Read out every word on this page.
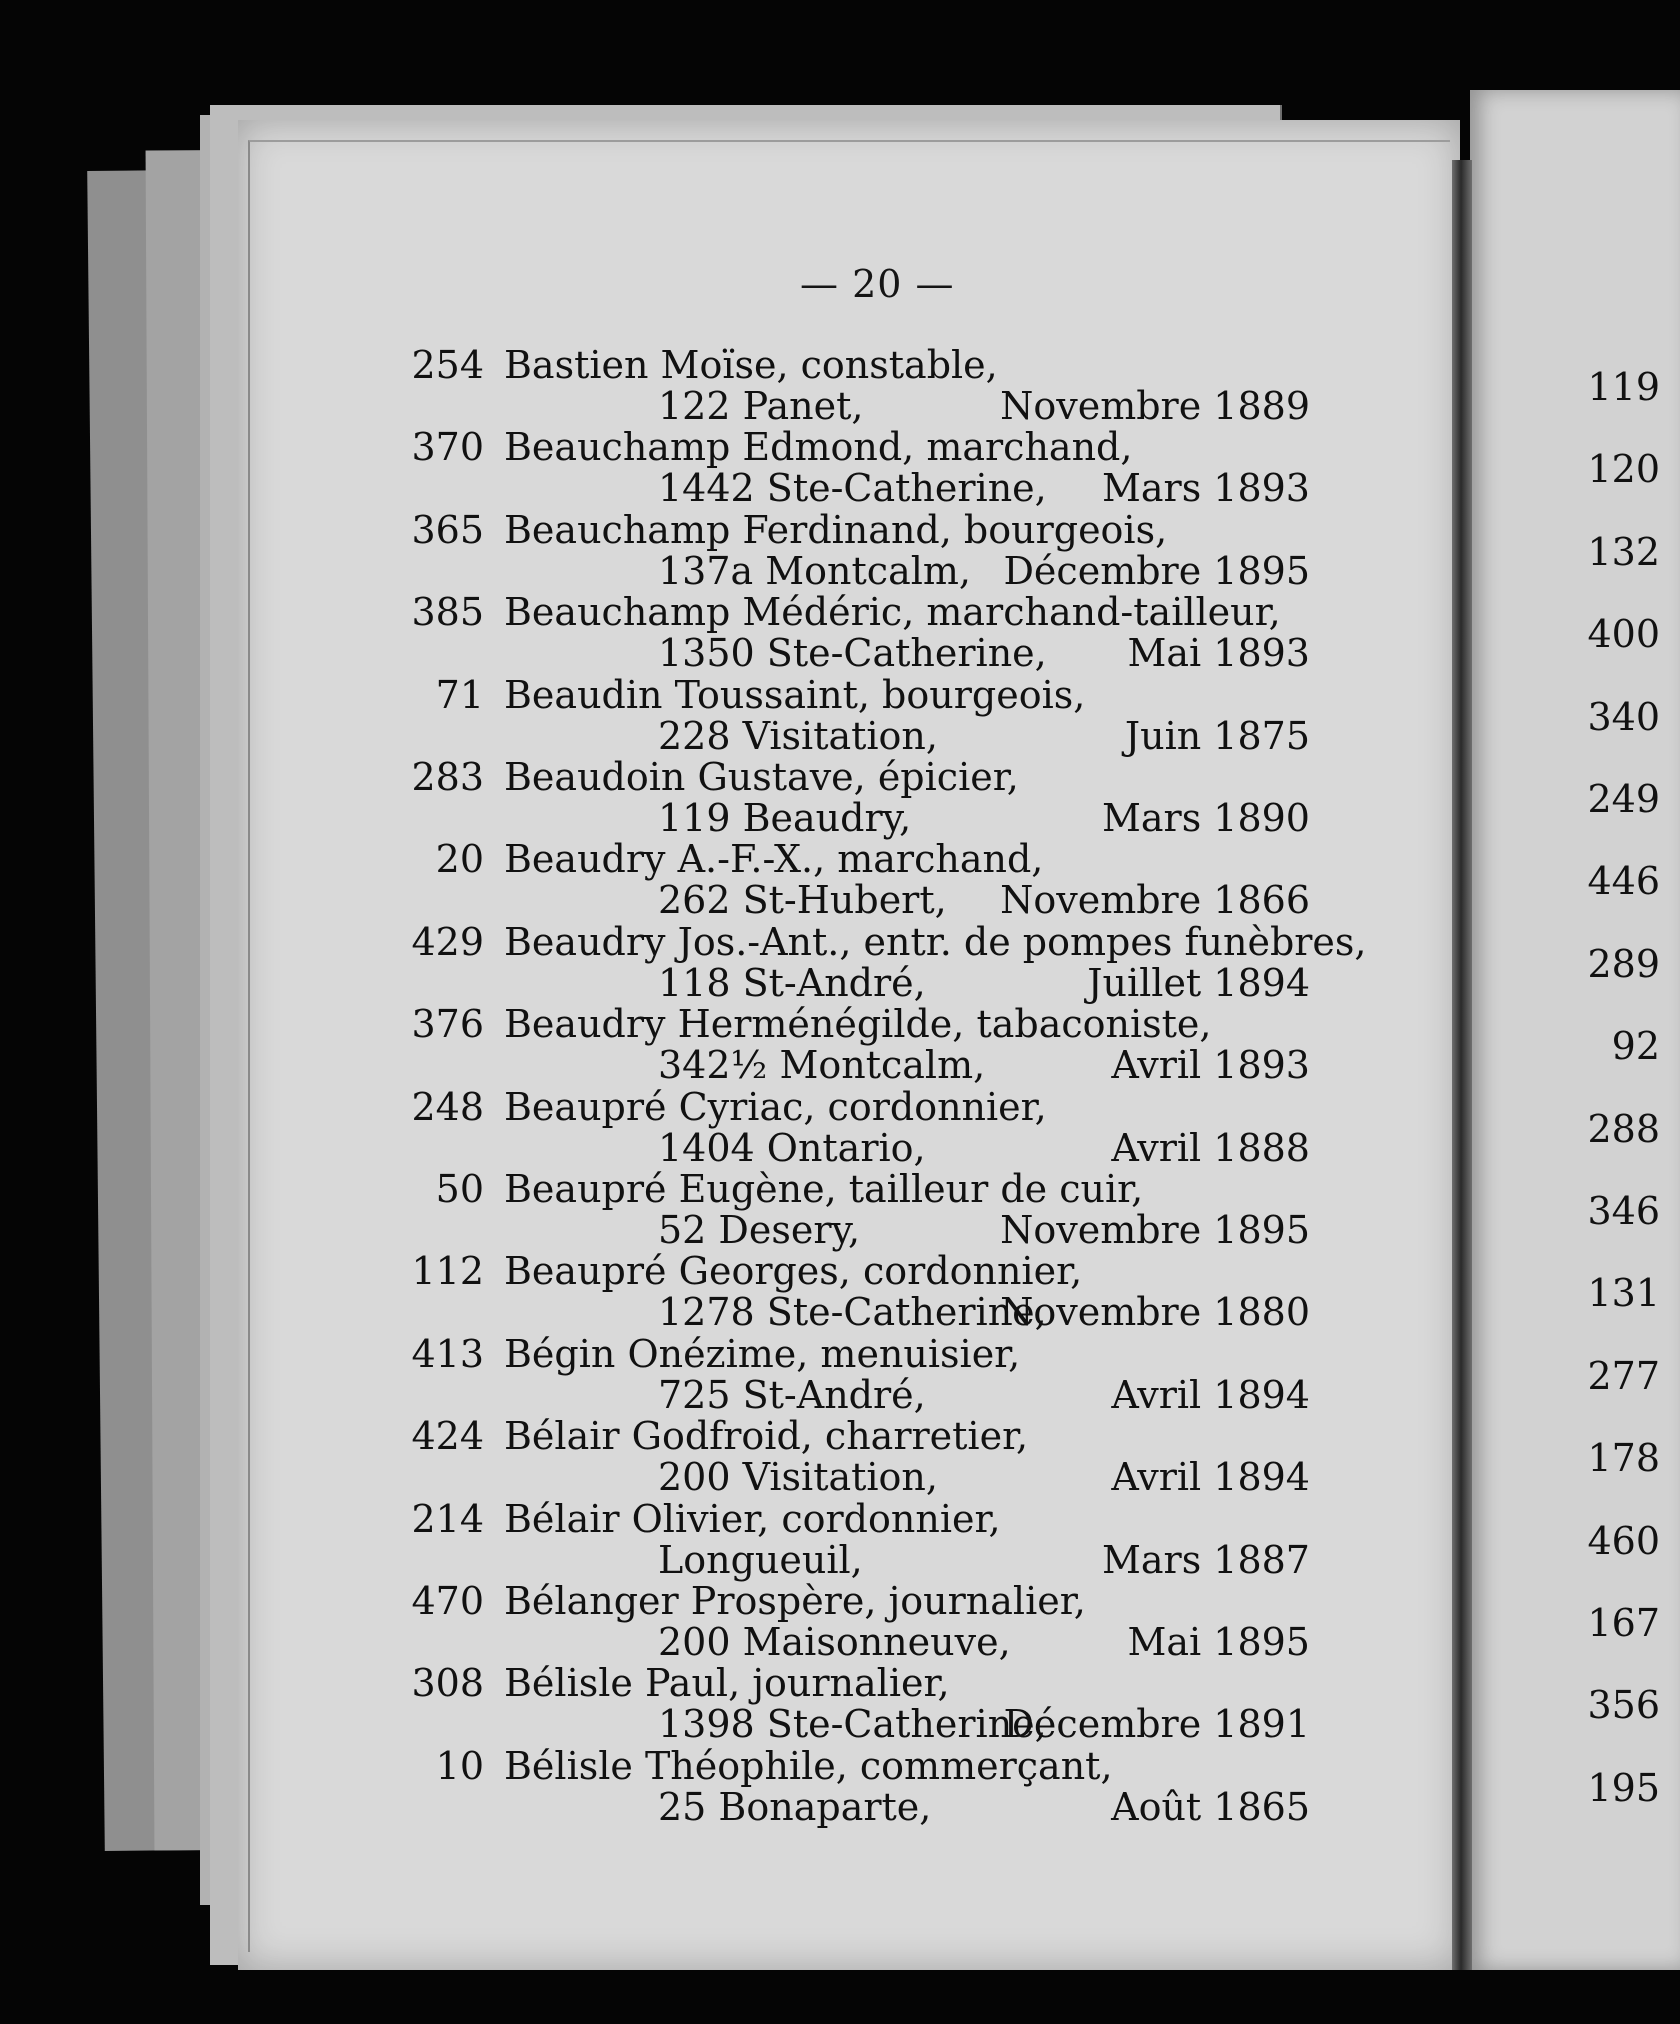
— 20 —
254 Bastien Moïse, constable,
122 Panet,	Novembre 1889	119
370 Beauchamp Edmond, marchand,
1442 Ste-Catherine, Mars 1893	120
365 Beauchamp Ferdinand, bourgeois,
137a Montcalm, Décembre 1895	132
385 Beauchamp Médéric, marchand-tailleur,
1350 Ste-Catherine, Mai 1893	400
71 Beaudin Toussaint, bourgeois,
228 Visitation,	Juin 1875	340
283 Beaudoin Gustave, épicier,
119 Beaudry,	Mars 1890	249
20 Beaudry A.-F.-X., marchand,
262 St-Hubert, Novembre 1866	446
429 Beaudry Jos.-Ant., entr. de pompes funèbres,
118 St-André,	Juillet 1894	289
376 Beaudry Herménégilde, tabaconiste,
342½ Montcalm,	Avril 1893	92
248 Beaupré Cyriac, cordonnier,
1404 Ontario,	Avril 1888	288
50 Beaupré Eugène, tailleur de cuir,
52 Desery,	Novembre 1895	346
112 Beaupré Georges, cordonnier,
1278 Ste-Catherine,
Novembre 1880	131
413 Bégin Onézime, menuisier,
725 St-André,	Avril 1894	277
424 Bélair Godfroid, charretier,
200 Visitation,	Avril 1894	178
214 Bélair Olivier, cordonnier,
Longueuil,	Mars 1887	460
470 Bélanger Prospère, journalier,
200 Maisonneuve,	Mai 1895	167
308 Bélisle Paul, journalier,
1398 Ste-Catherine,
Décembre 1891	356
10 Bélisle Théophile, commerçant,
25 Bonaparte,	Août 1865	195
